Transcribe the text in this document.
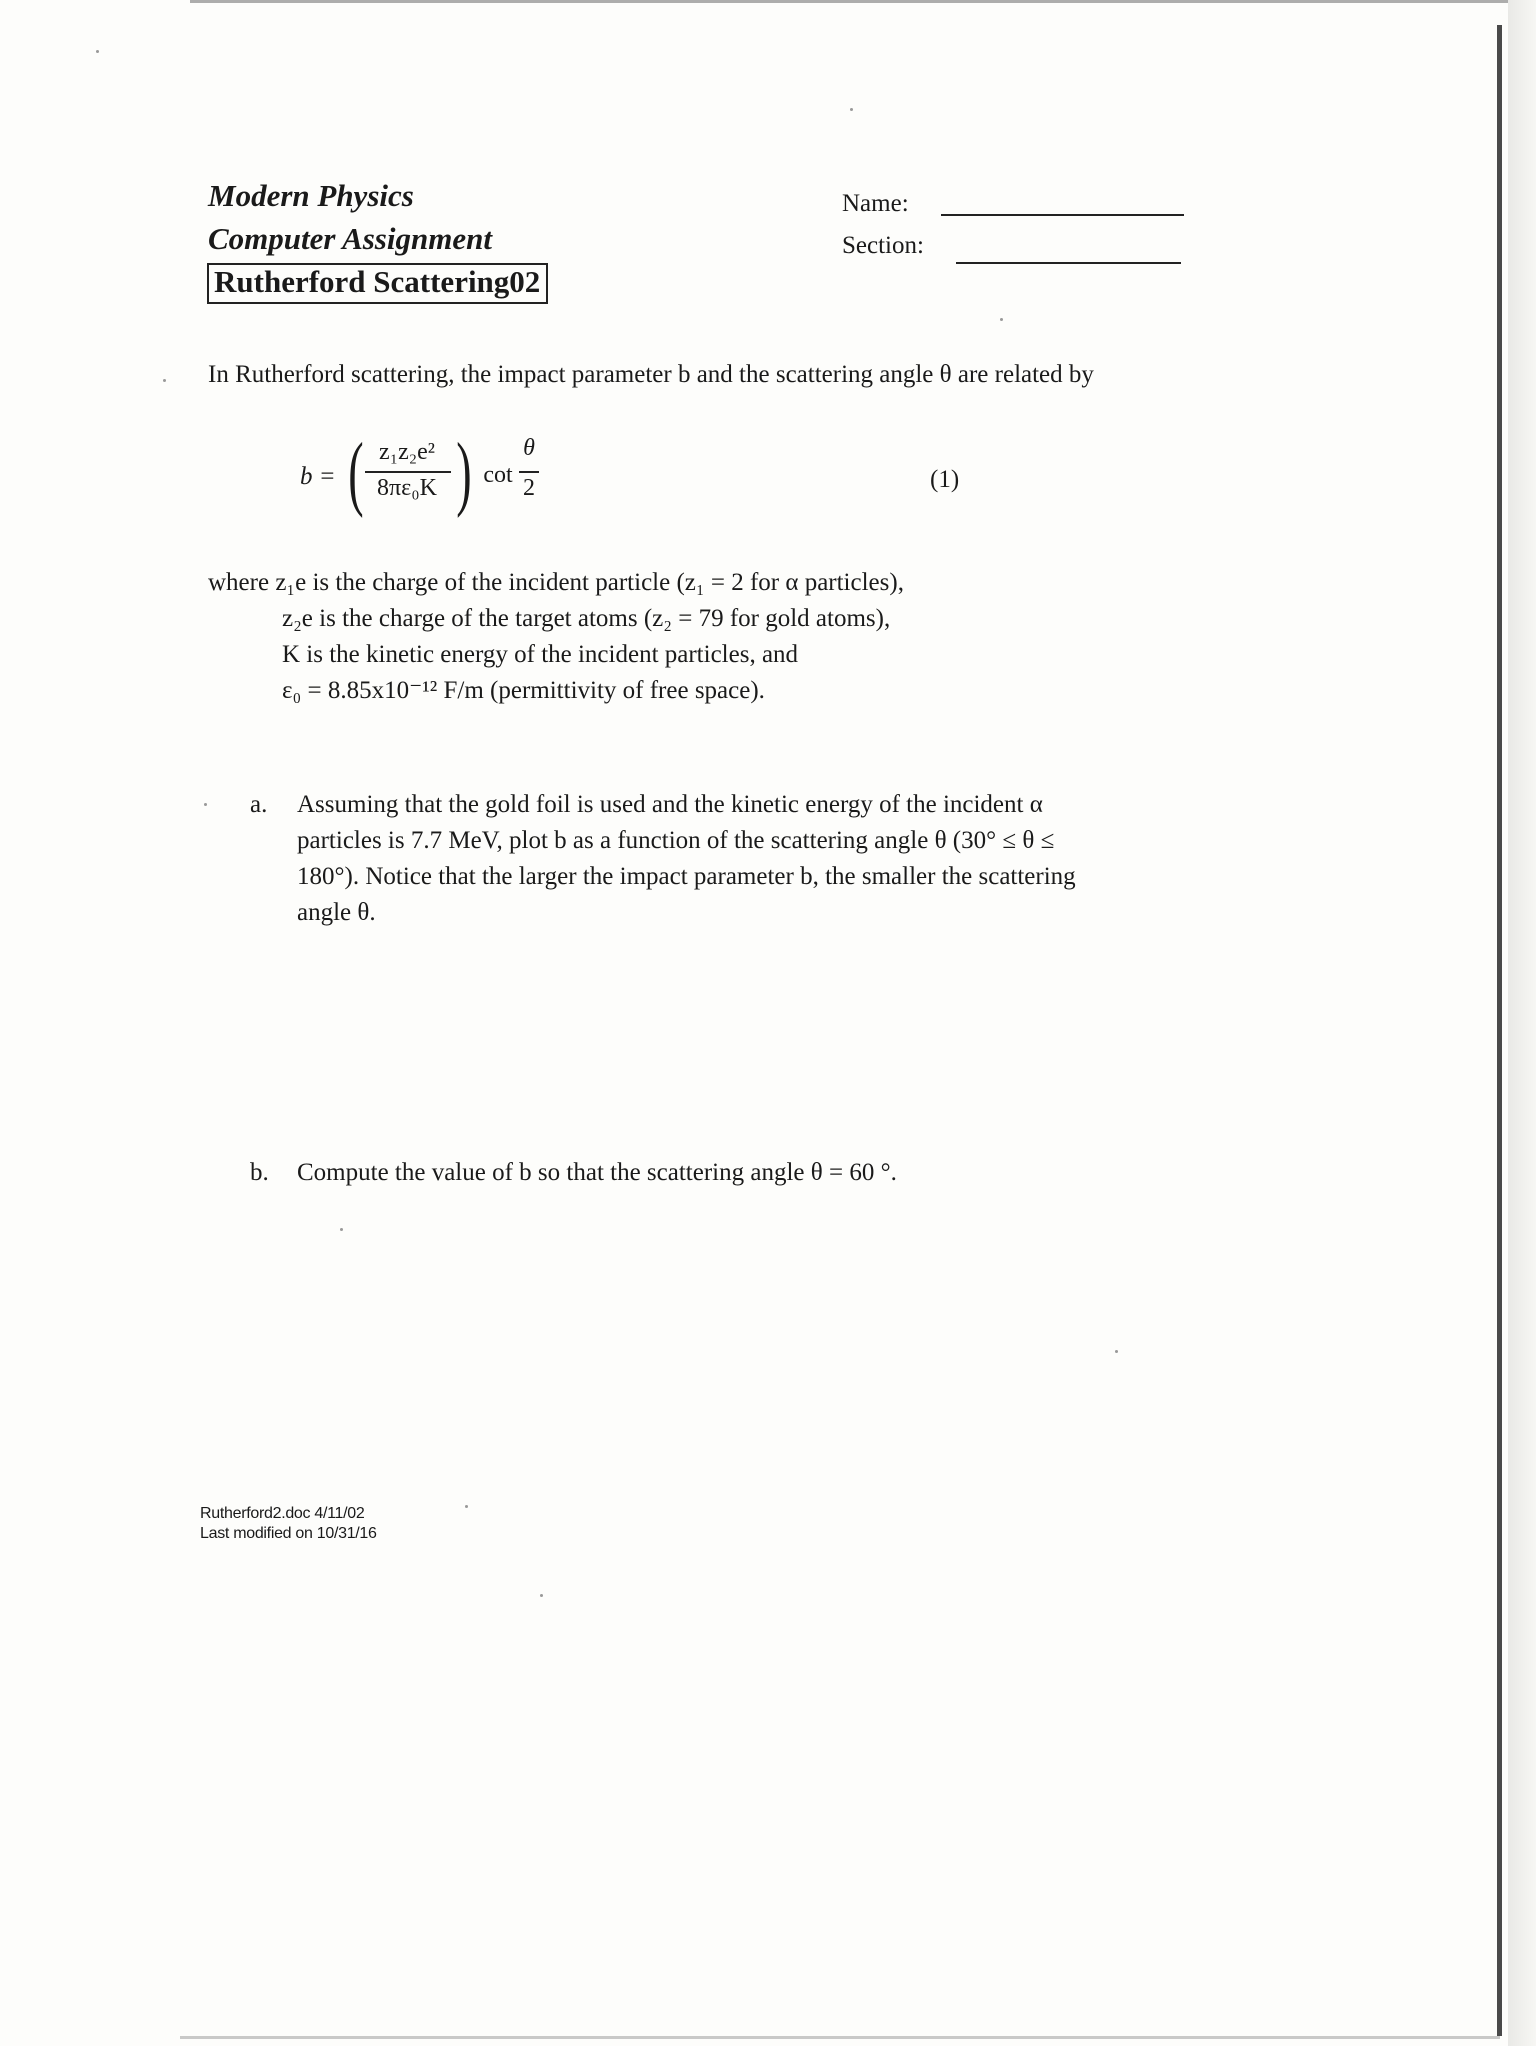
Modern Physics
Computer Assignment
Rutherford Scattering02
Name:
Section:
In Rutherford scattering, the impact parameter b and the scattering angle θ are related by
b = ( z₁z₂e²
8πε₀K ) cot
θ
2	(1)
where z₁e is the charge of the incident particle (z₁ = 2 for α particles),
z₂e is the charge of the target atoms (z₂ = 79 for gold atoms),
K is the kinetic energy of the incident particles, and
ε₀ = 8.85x10⁻¹² F/m (permittivity of free space).
a. Assuming that the gold foil is used and the kinetic energy of the incident α
particles is 7.7 MeV, plot b as a function of the scattering angle θ (30° ≤ θ ≤
180°). Notice that the larger the impact parameter b, the smaller the scattering
angle θ.
b. Compute the value of b so that the scattering angle θ = 60 °.
Rutherford2.doc 4/11/02
Last modified on 10/31/16
